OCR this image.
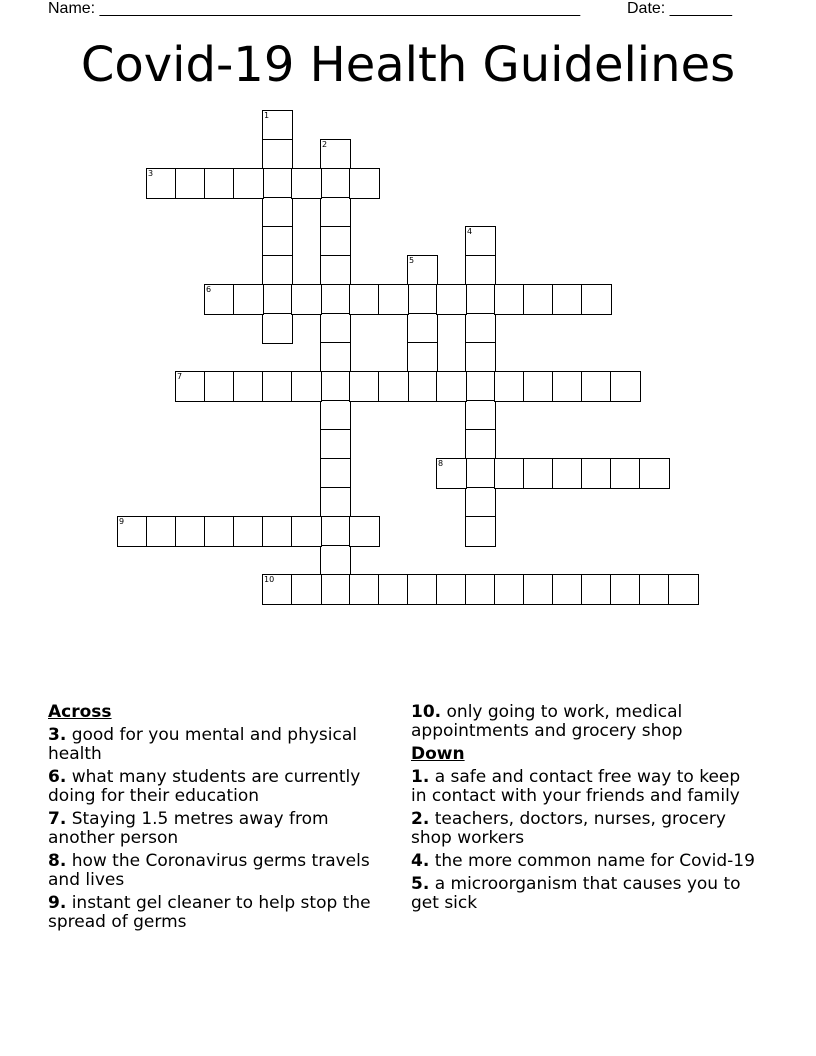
Name: ______________________________________________________	Date: _______
Covid-19 Health Guidelines
1
2
3
4
5
6
7
8
9
10
Across
3. good for you mental and physical health
6. what many students are currently doing for their education
7. Staying 1.5 metres away from another person
8. how the Coronavirus germs travels and lives
9. instant gel cleaner to help stop the spread of germs
10. only going to work, medical appointments and grocery shop
Down
1. a safe and contact free way to keep in contact with your friends and family
2. teachers, doctors, nurses, grocery shop workers
4. the more common name for Covid-19
5. a microorganism that causes you to get sick
